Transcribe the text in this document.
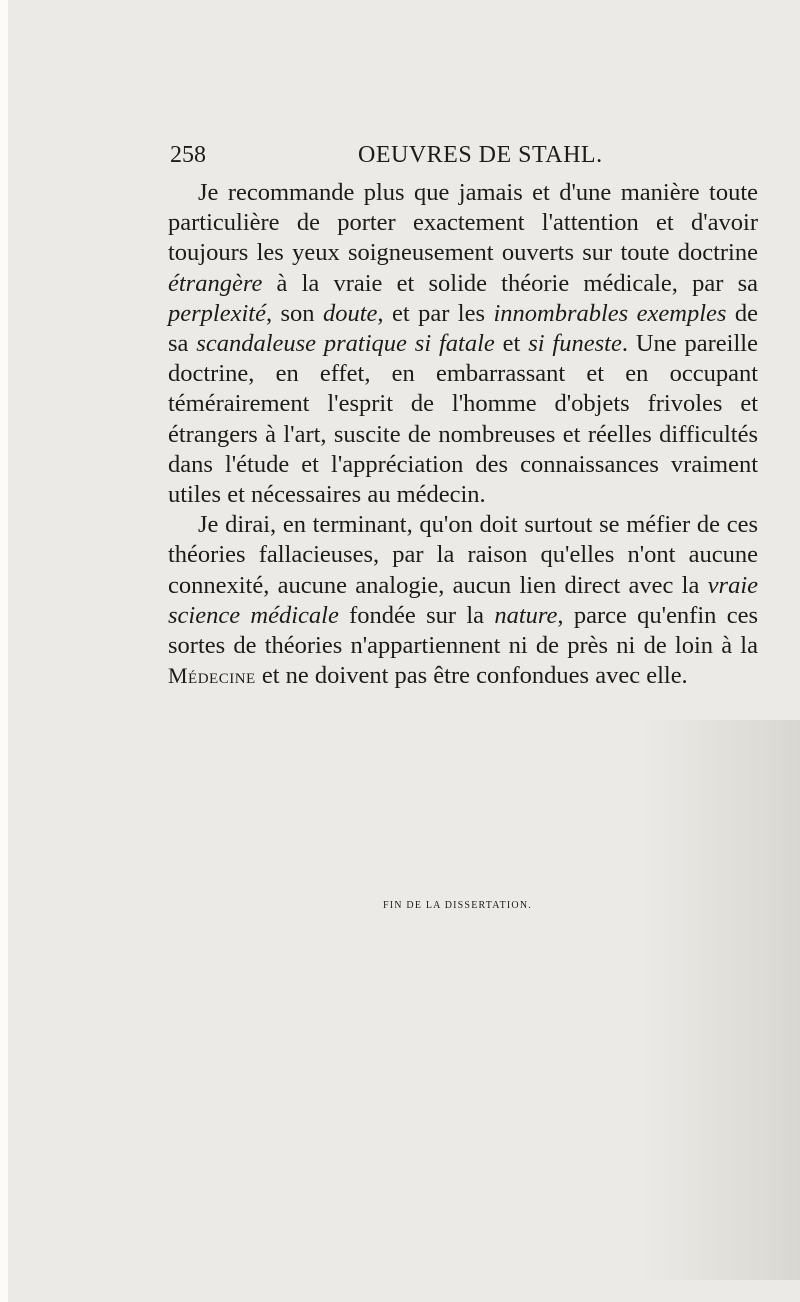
258	OEUVRES DE STAHL.

Je recommande plus que jamais et d'une manière toute particulière de porter exactement l'attention et d'avoir toujours les yeux soigneusement ouverts sur toute doctrine étrangère à la vraie et solide théorie médicale, par sa perplexité, son doute, et par les innombrables exemples de sa scandaleuse pratique si fatale et si funeste. Une pareille doctrine, en effet, en embarrassant et en occupant témérairement l'esprit de l'homme d'objets frivoles et étrangers à l'art, suscite de nombreuses et réelles difficultés dans l'étude et l'appréciation des connaissances vraiment utiles et nécessaires au médecin.

Je dirai, en terminant, qu'on doit surtout se méfier de ces théories fallacieuses, par la raison qu'elles n'ont aucune connexité, aucune analogie, aucun lien direct avec la vraie science médicale fondée sur la nature, parce qu'enfin ces sortes de théories n'appartiennent ni de près ni de loin à la Médecine et ne doivent pas être confondues avec elle.

FIN DE LA DISSERTATION.
